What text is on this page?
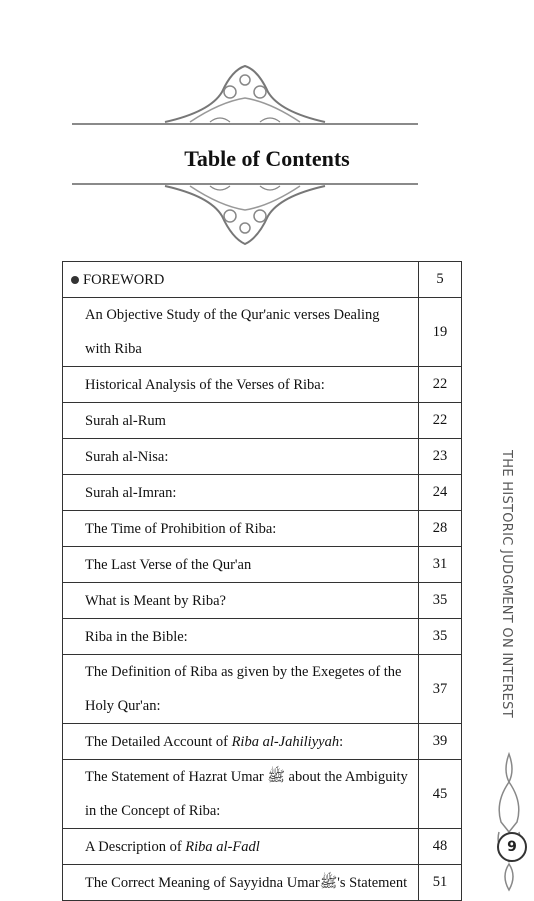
Table of Contents
FOREWORD	5
An Objective Study of the Qur'anic verses Dealing with Riba	19
Historical Analysis of the Verses of Riba:	22
Surah al-Rum	22
Surah al-Nisa:	23
Surah al-Imran:	24
The Time of Prohibition of Riba:	28
The Last Verse of the Qur'an	31
What is Meant by Riba?	35
Riba in the Bible:	35
The Definition of Riba as given by the Exegetes of the Holy Qur'an:	37
The Detailed Account of Riba al-Jahiliyyah:	39
The Statement of Hazrat Umar ﷺ about the Ambiguity in the Concept of Riba:	45
A Description of Riba al-Fadl	48
The Correct Meaning of Sayyidna Umarﷺ's Statement	51
THE HISTORIC JUDGMENT ON INTEREST
9
